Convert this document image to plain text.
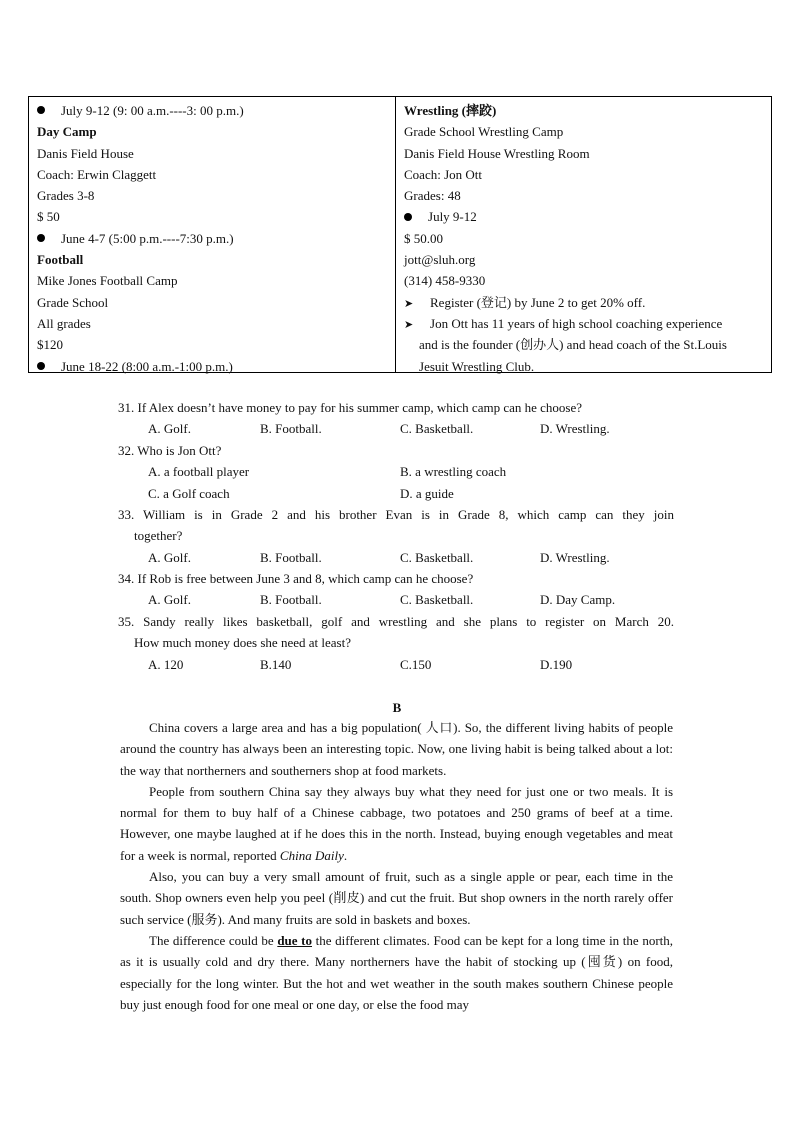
July 9-12 (9: 00 a.m.----3: 00 p.m.)
Day Camp
Danis Field House
Coach: Erwin Claggett
Grades 3-8
$ 50
June 4-7 (5:00 p.m.----7:30 p.m.)
Football
Mike Jones Football Camp
Grade School
All grades
$120
June 18-22 (8:00 a.m.-1:00 p.m.)
Wrestling (摔跤)
Grade School Wrestling Camp
Danis Field House Wrestling Room
Coach: Jon Ott
Grades: 48
July 9-12
$ 50.00
jott@sluh.org
(314) 458-9330
➤ Register (登记) by June 2 to get 20% off.
➤ Jon Ott has 11 years of high school coaching experience
and is the founder (创办人) and head coach of the St.Louis
Jesuit Wrestling Club.
31. If Alex doesn’t have money to pay for his summer camp, which camp can he choose?
A. Golf.	B. Football.	C. Basketball.	D. Wrestling.
32. Who is Jon Ott?
A. a football player	B. a wrestling coach
C. a Golf coach	D. a guide
33. William is in Grade 2 and his brother Evan is in Grade 8, which camp can they join
together?
A. Golf.	B. Football.	C. Basketball.	D. Wrestling.
34. If Rob is free between June 3 and 8, which camp can he choose?
A. Golf.	B. Football.	C. Basketball.	D. Day Camp.
35. Sandy really likes basketball, golf and wrestling and she plans to register on March 20.
How much money does she need at least?
A. 120	B.140	C.150	D.190
B

China covers a large area and has a big population( 人口). So, the different living habits of people around the country has always been an interesting topic. Now, one living habit is being talked about a lot: the way that northerners and southerners shop at food markets.

People from southern China say they always buy what they need for just one or two meals. It is normal for them to buy half of a Chinese cabbage, two potatoes and 250 grams of beef at a time. However, one maybe laughed at if he does this in the north. Instead, buying enough vegetables and meat for a week is normal, reported China Daily.

Also, you can buy a very small amount of fruit, such as a single apple or pear, each time in the south. Shop owners even help you peel (削皮) and cut the fruit. But shop owners in the north rarely offer such service (服务). And many fruits are sold in baskets and boxes.

The difference could be due to the different climates. Food can be kept for a long time in the north, as it is usually cold and dry there. Many northerners have the habit of stocking up (囤货) on food, especially for the long winter. But the hot and wet weather in the south makes southern Chinese people buy just enough food for one meal or one day, or else the food may
